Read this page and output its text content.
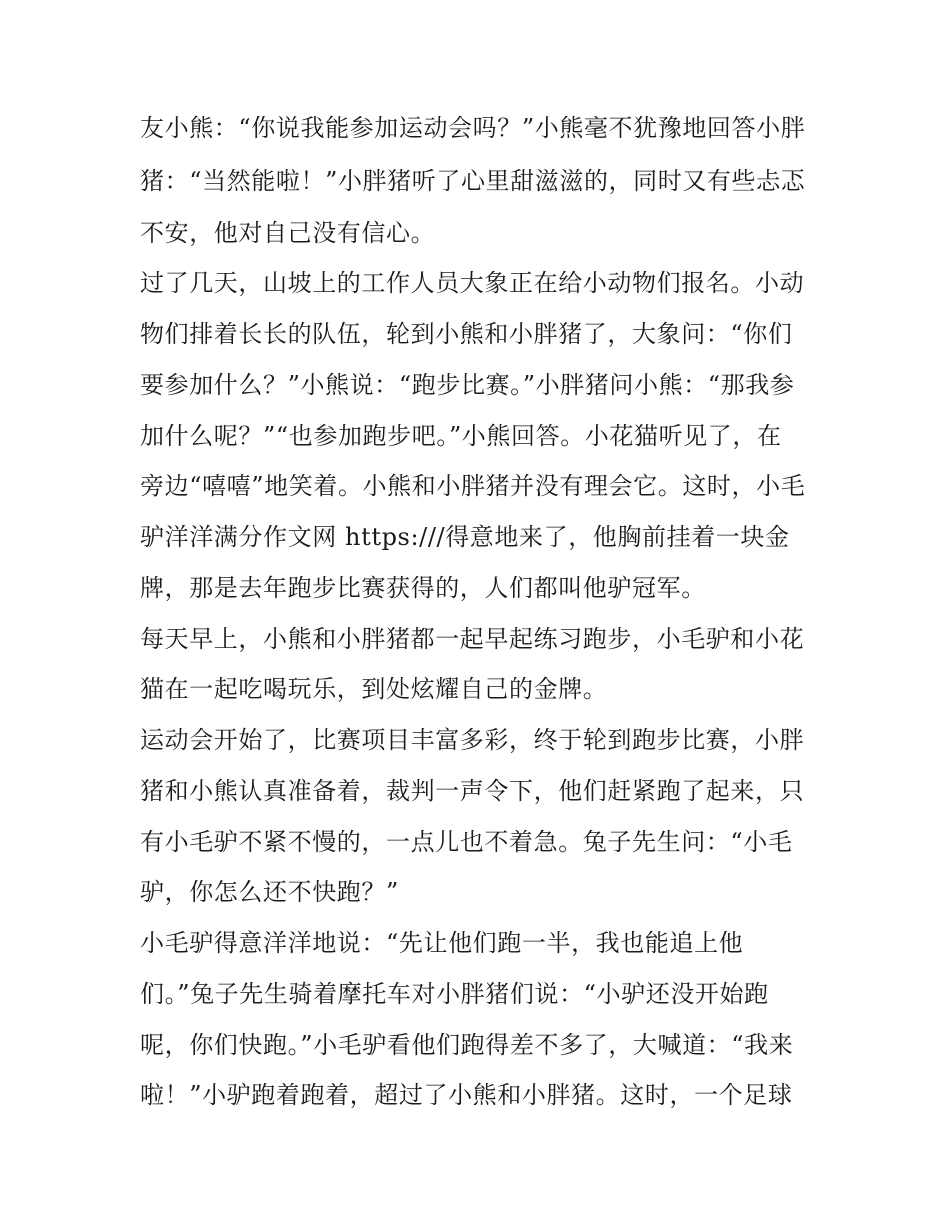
友小熊：“你说我能参加运动会吗？”小熊毫不犹豫地回答小胖
猪：“当然能啦！”小胖猪听了心里甜滋滋的，同时又有些忐忑
不安，他对自己没有信心。
过了几天，山坡上的工作人员大象正在给小动物们报名。小动
物们排着长长的队伍，轮到小熊和小胖猪了，大象问：“你们
要参加什么？”小熊说：“跑步比赛。”小胖猪问小熊：“那我参
加什么呢？”“也参加跑步吧。”小熊回答。小花猫听见了，在
旁边“嘻嘻”地笑着。小熊和小胖猪并没有理会它。这时，小毛
驴洋洋满分作文网 https:///得意地来了，他胸前挂着一块金
牌，那是去年跑步比赛获得的，人们都叫他驴冠军。
每天早上，小熊和小胖猪都一起早起练习跑步，小毛驴和小花
猫在一起吃喝玩乐，到处炫耀自己的金牌。
运动会开始了，比赛项目丰富多彩，终于轮到跑步比赛，小胖
猪和小熊认真准备着，裁判一声令下，他们赶紧跑了起来，只
有小毛驴不紧不慢的，一点儿也不着急。兔子先生问：“小毛
驴，你怎么还不快跑？”
小毛驴得意洋洋地说：“先让他们跑一半，我也能追上他
们。”兔子先生骑着摩托车对小胖猪们说：“小驴还没开始跑
呢，你们快跑。”小毛驴看他们跑得差不多了，大喊道：“我来
啦！”小驴跑着跑着，超过了小熊和小胖猪。这时，一个足球
